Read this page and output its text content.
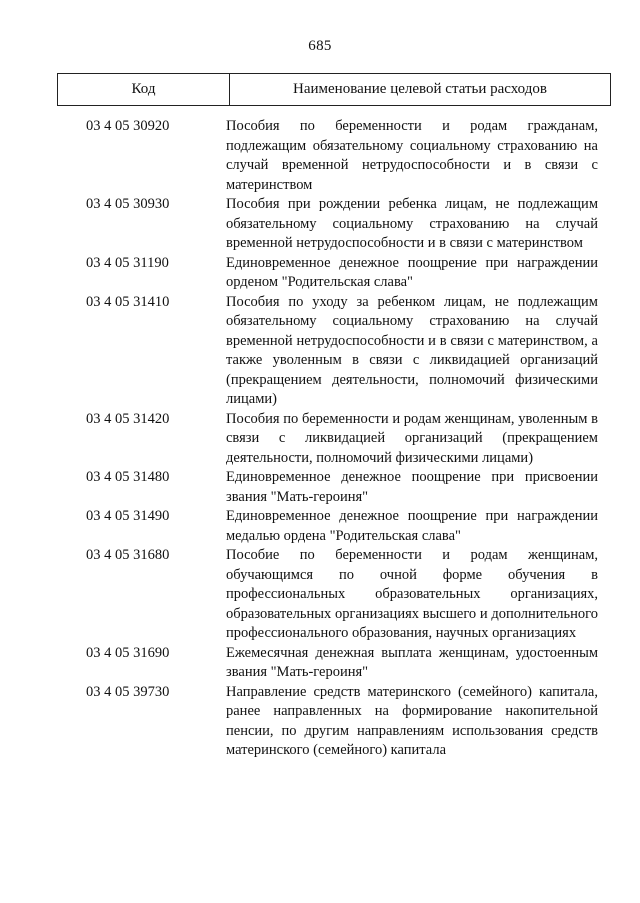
685
Код	Наименование целевой статьи расходов
03 4 05 30920	Пособия по беременности и родам гражданам, подлежащим обязательному социальному страхованию на случай временной нетрудоспособности и в связи с материнством
03 4 05 30930	Пособия при рождении ребенка лицам, не подлежащим обязательному социальному страхованию на случай временной нетрудоспособности и в связи с материнством
03 4 05 31190	Единовременное денежное поощрение при награждении орденом "Родительская слава"
03 4 05 31410	Пособия по уходу за ребенком лицам, не подлежащим обязательному социальному страхованию на случай временной нетрудоспособности и в связи с материнством, а также уволенным в связи с ликвидацией организаций (прекращением деятельности, полномочий физическими лицами)
03 4 05 31420	Пособия по беременности и родам женщинам, уволенным в связи с ликвидацией организаций (прекращением деятельности, полномочий физическими лицами)
03 4 05 31480	Единовременное денежное поощрение при присвоении звания "Мать-героиня"
03 4 05 31490	Единовременное денежное поощрение при награждении медалью ордена "Родительская слава"
03 4 05 31680	Пособие по беременности и родам женщинам, обучающимся по очной форме обучения в профессиональных образовательных организациях, образовательных организациях высшего и дополнительного профессионального образования, научных организациях
03 4 05 31690	Ежемесячная денежная выплата женщинам, удостоенным звания "Мать-героиня"
03 4 05 39730	Направление средств материнского (семейного) капитала, ранее направленных на формирование накопительной пенсии, по другим направлениям использования средств материнского (семейного) капитала
